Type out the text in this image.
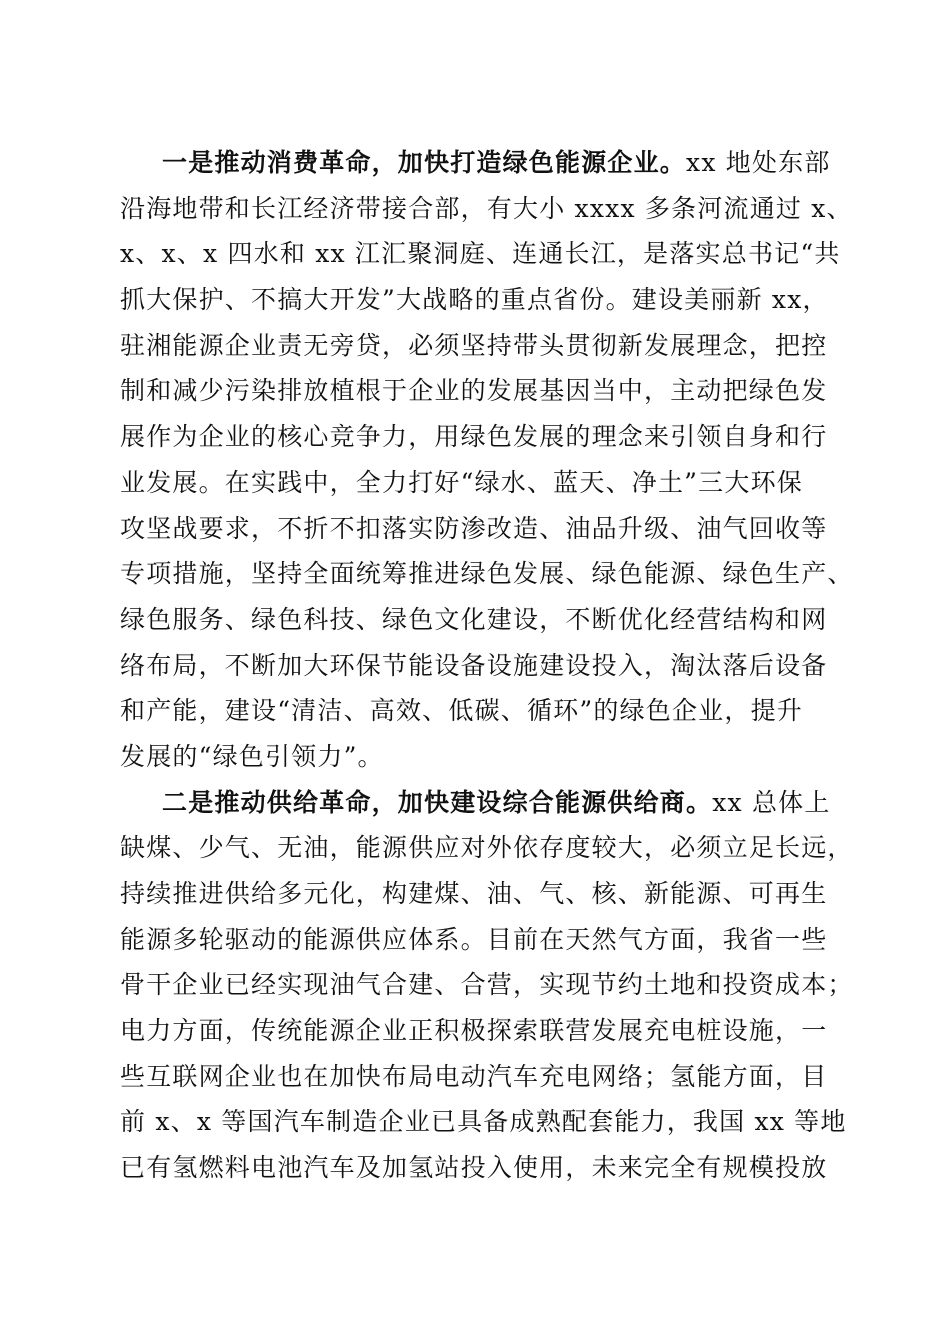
一是推动消费革命，加快打造绿色能源企业。xx 地处东部
沿海地带和长江经济带接合部，有大小 xxxx 多条河流通过 x、
x、x、x 四水和 xx 江汇聚洞庭、连通长江，是落实总书记“共
抓大保护、不搞大开发”大战略的重点省份。建设美丽新 xx，
驻湘能源企业责无旁贷，必须坚持带头贯彻新发展理念，把控
制和减少污染排放植根于企业的发展基因当中，主动把绿色发
展作为企业的核心竞争力，用绿色发展的理念来引领自身和行
业发展。在实践中，全力打好“绿水、蓝天、净土”三大环保
攻坚战要求，不折不扣落实防渗改造、油品升级、油气回收等
专项措施，坚持全面统筹推进绿色发展、绿色能源、绿色生产、
绿色服务、绿色科技、绿色文化建设，不断优化经营结构和网
络布局，不断加大环保节能设备设施建设投入，淘汰落后设备
和产能，建设“清洁、高效、低碳、循环”的绿色企业，提升
发展的“绿色引领力”。
二是推动供给革命，加快建设综合能源供给商。xx 总体上
缺煤、少气、无油，能源供应对外依存度较大，必须立足长远，
持续推进供给多元化，构建煤、油、气、核、新能源、可再生
能源多轮驱动的能源供应体系。目前在天然气方面，我省一些
骨干企业已经实现油气合建、合营，实现节约土地和投资成本；
电力方面，传统能源企业正积极探索联营发展充电桩设施，一
些互联网企业也在加快布局电动汽车充电网络；氢能方面，目
前 x、x 等国汽车制造企业已具备成熟配套能力，我国 xx 等地
已有氢燃料电池汽车及加氢站投入使用，未来完全有规模投放
